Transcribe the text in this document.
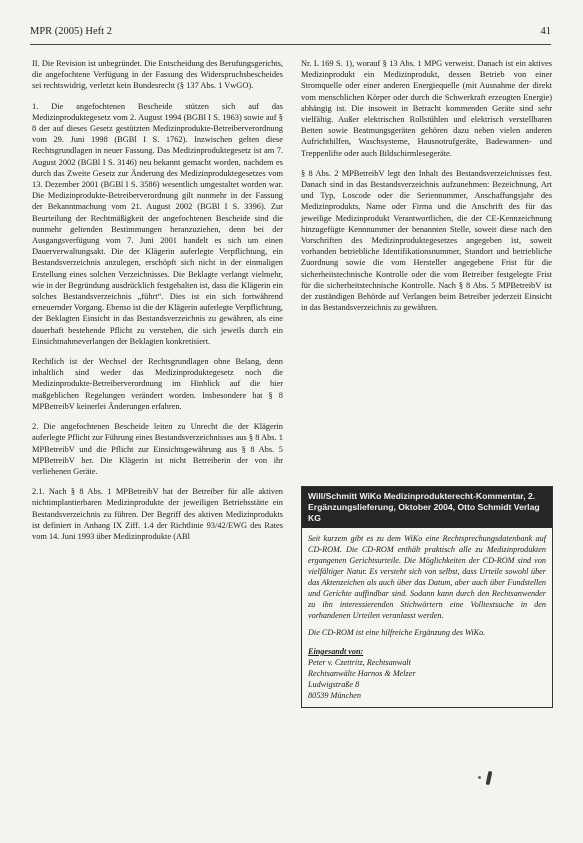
MPR (2005) Heft 2	41

II. Die Revision ist unbegründet. Die Entscheidung des Berufungsgerichts, die angefochtene Verfügung in der Fassung des Widerspruchsbescheides sei rechtswidrig, verletzt kein Bundesrecht (§ 137 Abs. 1 VwGO).

1. Die angefochtenen Bescheide stützen sich auf das Medizinproduktegesetz vom 2. August 1994 (BGBl I S. 1963) sowie auf § 8 der auf dieses Gesetz gestützten Medizinprodukte-Betreiberverordnung vom 29. Juni 1998 (BGBl I S. 1762). Inzwischen gelten diese Rechtsgrundlagen in neuer Fassung. Das Medizinproduktegesetz ist am 7. August 2002 (BGBl I S. 3146) neu bekannt gemacht worden, nachdem es durch das Zweite Gesetz zur Änderung des Medizinproduktegesetzes vom 13. Dezember 2001 (BGBl I S. 3586) wesentlich umgestaltet worden war. Die Medizinprodukte-Betreiberverordnung gilt nunmehr in der Fassung der Bekanntmachung vom 21. August 2002 (BGBl I S. 3396). Zur Beurteilung der Rechtmäßigkeit der angefochtenen Bescheide sind die nunmehr geltenden Bestimmungen heranzuziehen, denn bei der Ausgangsverfügung vom 7. Juni 2001 handelt es sich um einen Dauerverwaltungsakt. Die der Klägerin auferlegte Verpflichtung, ein Bestandsverzeichnis anzulegen, erschöpft sich nicht in der einmaligen Erstellung eines solchen Verzeichnisses. Die Beklagte verlangt vielmehr, wie in der Begründung ausdrücklich festgehalten ist, dass die Klägerin ein solches Bestandsverzeichnis „führt“. Dies ist ein sich fortwährend erneuernder Vorgang. Ebenso ist die der Klägerin auferlegte Verpflichtung, der Beklagten Einsicht in das Bestandsverzeichnis zu gewähren, als eine dauerhaft bestehende Pflicht zu verstehen, die sich jeweils durch ein Einsichtnahmeverlangen der Beklagten konkretisiert.

Rechtlich ist der Wechsel der Rechtsgrundlagen ohne Belang, denn inhaltlich sind weder das Medizinproduktegesetz noch die Medizinprodukte-Betreiberverordnung im Hinblick auf die hier maßgeblichen Regelungen verändert worden. Insbesondere hat § 8 MPBetreibV keinerlei Änderungen erfahren.

2. Die angefochtenen Bescheide leiten zu Unrecht die der Klägerin auferlegte Pflicht zur Führung eines Bestandsverzeichnisses aus § 8 Abs. 1 MPBetreibV und die Pflicht zur Einsichtsgewährung aus § 8 Abs. 5 MPBetreibV her. Die Klägerin ist nicht Betreiberin der von ihr verliehenen Geräte.

2.1. Nach § 8 Abs. 1 MPBetreibV hat der Betreiber für alle aktiven nichtimplantierbaren Medizinprodukte der jeweiligen Betriebsstätte ein Bestandsverzeichnis zu führen. Der Begriff des aktiven Medizinprodukts ist definiert in Anhang IX Ziff. 1.4 der Richtlinie 93/42/EWG des Rates vom 14. Juni 1993 über Medizinprodukte (ABl

Nr. L 169 S. 1), worauf § 13 Abs. 1 MPG verweist. Danach ist ein aktives Medizinprodukt ein Medizinprodukt, dessen Betrieb von einer Stromquelle oder einer anderen Energiequelle (mit Ausnahme der direkt vom menschlichen Körper oder durch die Schwerkraft erzeugten Energie) abhängig ist. Die insoweit in Betracht kommenden Geräte sind sehr vielfältig. Außer elektrischen Rollstühlen und elektrisch verstellbaren Betten sowie Beatmungsgeräten gehören dazu neben vielen anderen Aufrichthilfen, Waschsysteme, Hausnotrufgeräte, Badewannen- und Treppenlifte oder auch Bildschirmlesegeräte.

§ 8 Abs. 2 MPBetreibV legt den Inhalt des Bestandsverzeichnisses fest. Danach sind in das Bestandsverzeichnis aufzunehmen: Bezeichnung, Art und Typ, Loscode oder die Seriennummer, Anschaffungsjahr des Medizinprodukts, Name oder Firma und die Anschrift des für das jeweilige Medizinprodukt Verantwortlichen, die der CE-Kennzeichnung hinzugefügte Kennnummer der benannten Stelle, soweit diese nach den Vorschriften des Medizinproduktegesetzes angegeben ist, soweit vorhanden betriebliche Identifikationsnummer, Standort und betriebliche Zuordnung sowie die vom Hersteller angegebene Frist für die sicherheitstechnische Kontrolle oder die vom Betreiber festgelegte Frist für die sicherheitstechnische Kontrolle. Nach § 8 Abs. 5 MPBetreibV ist der zuständigen Behörde auf Verlangen beim Betreiber jederzeit Einsicht in das Bestandsverzeichnis zu gewähren.

Will/Schmitt WiKo Medizinprodukterecht-Kommentar, 2. Ergänzungslieferung, Oktober 2004, Otto Schmidt Verlag KG

Seit kurzem gibt es zu dem WiKo eine Rechtsprechungsdatenbank auf CD-ROM. Die CD-ROM enthält praktisch alle zu Medizinprodukten ergangenen Gerichtsurteile. Die Möglichkeiten der CD-ROM sind von vielfältiger Natur. Es versteht sich von selbst, dass Urteile sowohl über das Aktenzeichen als auch über das Datum, aber auch über Fundstellen und Gerichte auffindbar sind. Sodann kann durch den Rechtsanwender zu ihn interessierenden Stichwörtern eine Volltextsuche in den vorhandenen Urteilen veranlasst werden.

Die CD-ROM ist eine hilfreiche Ergänzung des WiKo.

Eingesandt von:

Peter v. Czettritz, Rechtsanwalt

Rechtsanwälte Harnos & Melzer

Ludwigstraße 8

80539 München
